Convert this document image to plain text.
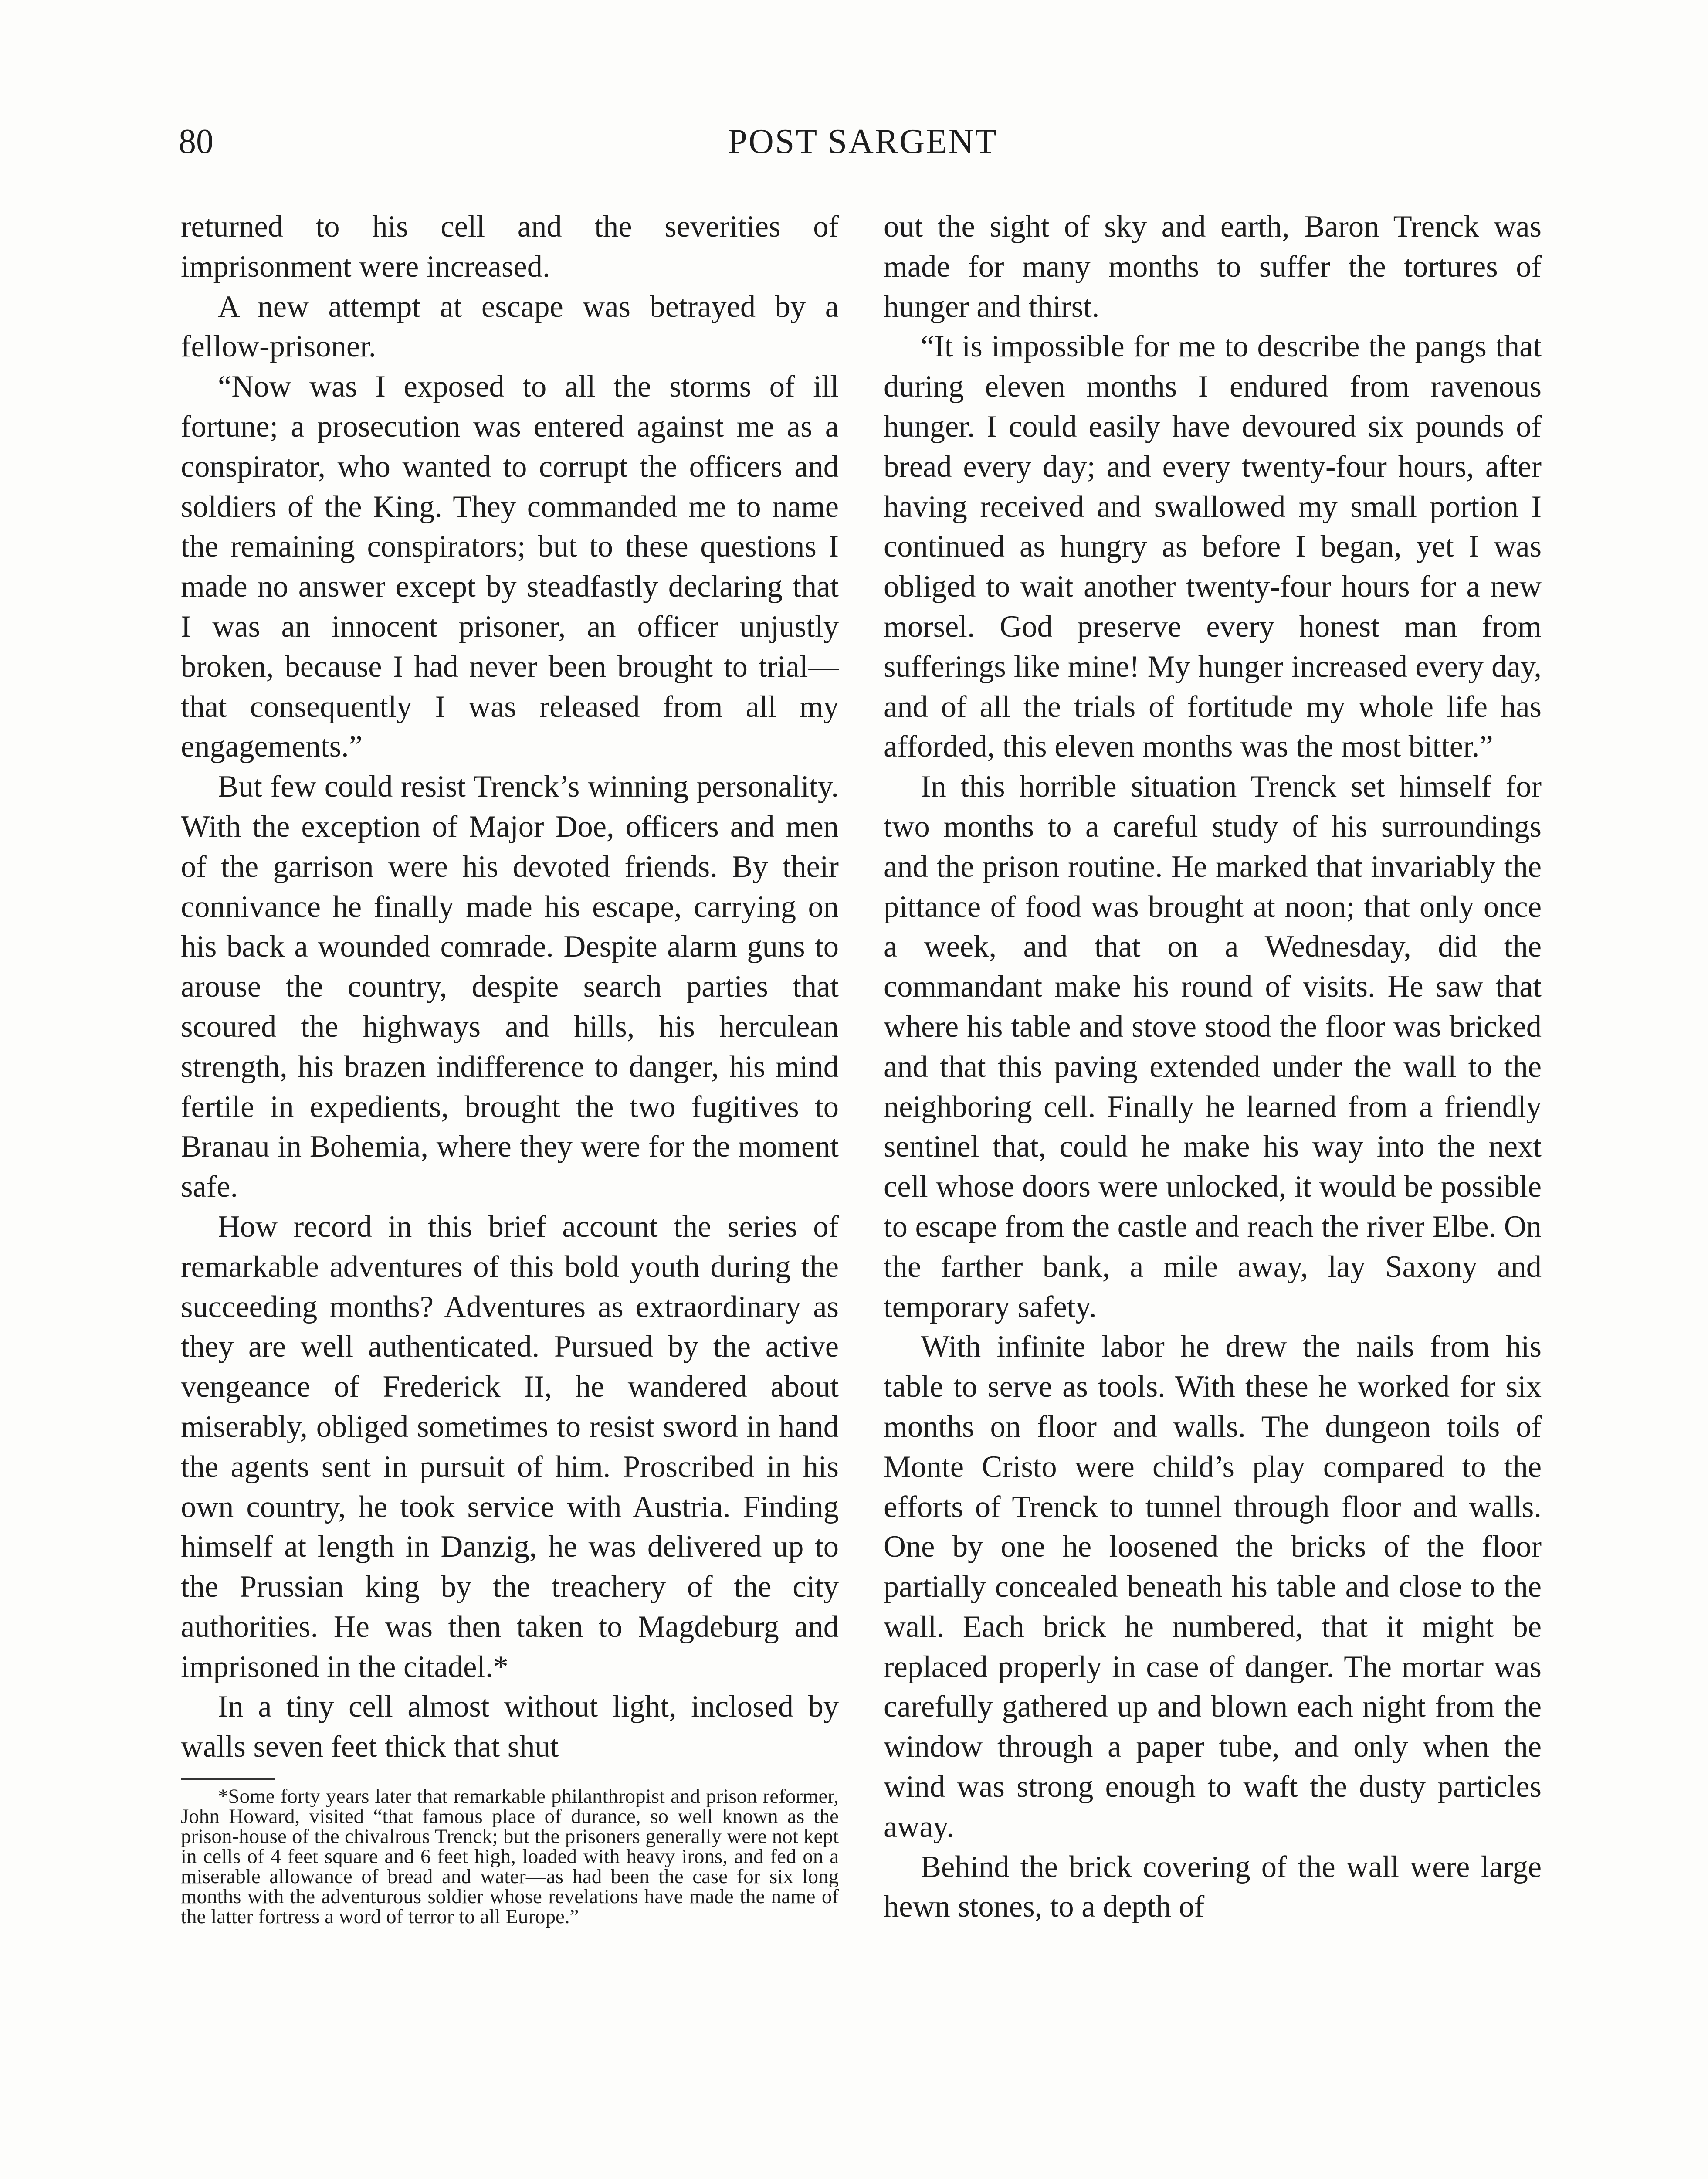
80	POST SARGENT

returned to his cell and the severities of imprisonment were increased.

A new attempt at escape was betrayed by a fellow-prisoner.

“Now was I exposed to all the storms of ill fortune; a prosecution was entered against me as a conspirator, who wanted to corrupt the officers and soldiers of the King. They commanded me to name the remaining conspirators; but to these questions I made no answer except by steadfastly declaring that I was an innocent prisoner, an officer unjustly broken, because I had never been brought to trial—that consequently I was released from all my engagements.”

But few could resist Trenck’s winning personality. With the exception of Major Doe, officers and men of the garrison were his devoted friends. By their connivance he finally made his escape, carrying on his back a wounded comrade. Despite alarm guns to arouse the country, despite search parties that scoured the highways and hills, his herculean strength, his brazen indifference to danger, his mind fertile in expedients, brought the two fugitives to Branau in Bohemia, where they were for the moment safe.

How record in this brief account the series of remarkable adventures of this bold youth during the succeeding months? Adventures as extraordinary as they are well authenticated. Pursued by the active vengeance of Frederick II, he wandered about miserably, obliged sometimes to resist sword in hand the agents sent in pursuit of him. Proscribed in his own country, he took service with Austria. Finding himself at length in Danzig, he was delivered up to the Prussian king by the treachery of the city authorities. He was then taken to Magdeburg and imprisoned in the citadel.*

In a tiny cell almost without light, inclosed by walls seven feet thick that shut

*Some forty years later that remarkable philanthropist and prison reformer, John Howard, visited “that famous place of durance, so well known as the prison-house of the chivalrous Trenck; but the prisoners generally were not kept in cells of 4 feet square and 6 feet high, loaded with heavy irons, and fed on a miserable allowance of bread and water—as had been the case for six long months with the adventurous soldier whose revelations have made the name of the latter fortress a word of terror to all Europe.”

out the sight of sky and earth, Baron Trenck was made for many months to suffer the tortures of hunger and thirst.

“It is impossible for me to describe the pangs that during eleven months I endured from ravenous hunger. I could easily have devoured six pounds of bread every day; and every twenty-four hours, after having received and swallowed my small portion I continued as hungry as before I began, yet I was obliged to wait another twenty-four hours for a new morsel. God preserve every honest man from sufferings like mine! My hunger increased every day, and of all the trials of fortitude my whole life has afforded, this eleven months was the most bitter.”

In this horrible situation Trenck set himself for two months to a careful study of his surroundings and the prison routine. He marked that invariably the pittance of food was brought at noon; that only once a week, and that on a Wednesday, did the commandant make his round of visits. He saw that where his table and stove stood the floor was bricked and that this paving extended under the wall to the neighboring cell. Finally he learned from a friendly sentinel that, could he make his way into the next cell whose doors were unlocked, it would be possible to escape from the castle and reach the river Elbe. On the farther bank, a mile away, lay Saxony and temporary safety.

With infinite labor he drew the nails from his table to serve as tools. With these he worked for six months on floor and walls. The dungeon toils of Monte Cristo were child’s play compared to the efforts of Trenck to tunnel through floor and walls. One by one he loosened the bricks of the floor partially concealed beneath his table and close to the wall. Each brick he numbered, that it might be replaced properly in case of danger. The mortar was carefully gathered up and blown each night from the window through a paper tube, and only when the wind was strong enough to waft the dusty particles away.

Behind the brick covering of the wall were large hewn stones, to a depth of
